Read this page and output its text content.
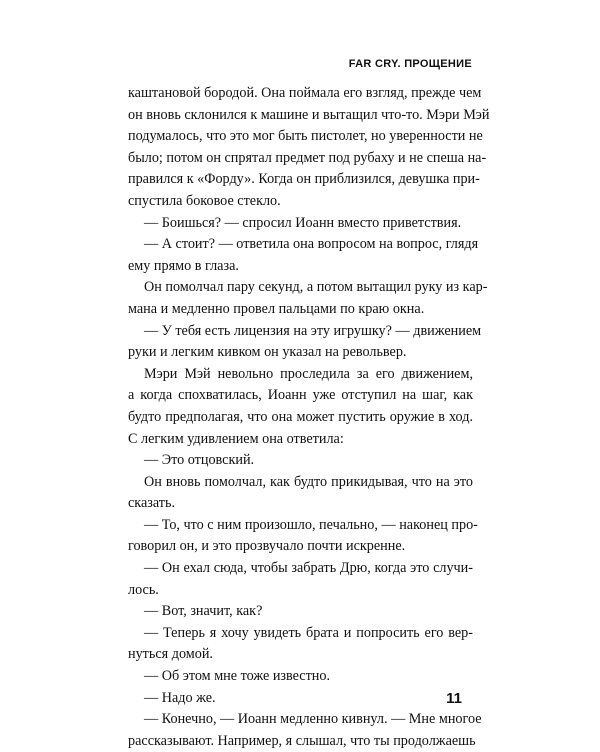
FAR CRY. ПРОЩЕНИЕ
каштановой бородой. Она поймала его взгляд, прежде чем
он вновь склонился к машине и вытащил что-то. Мэри Мэй
подумалось, что это мог быть пистолет, но уверенности не
было; потом он спрятал предмет под рубаху и не спеша на-
правился к «Форду». Когда он приблизился, девушка при-
спустила боковое стекло.
— Боишься? — спросил Иоанн вместо приветствия.
— А стоит? — ответила она вопросом на вопрос, глядя
ему прямо в глаза.
Он помолчал пару секунд, а потом вытащил руку из кар-
мана и медленно провел пальцами по краю окна.
— У тебя есть лицензия на эту игрушку? — движением
руки и легким кивком он указал на револьвер.
Мэри Мэй невольно проследила за его движением,
а когда спохватилась, Иоанн уже отступил на шаг, как
будто предполагая, что она может пустить оружие в ход.
С легким удивлением она ответила:
— Это отцовский.
Он вновь помолчал, как будто прикидывая, что на это
сказать.
— То, что с ним произошло, печально, — наконец про-
говорил он, и это прозвучало почти искренне.
— Он ехал сюда, чтобы забрать Дрю, когда это случи-
лось.
— Вот, значит, как?
— Теперь я хочу увидеть брата и попросить его вер-
нуться домой.
— Об этом мне тоже известно.
— Надо же.
— Конечно, — Иоанн медленно кивнул. — Мне многое
рассказывают. Например, я слышал, что ты продолжаешь
11
